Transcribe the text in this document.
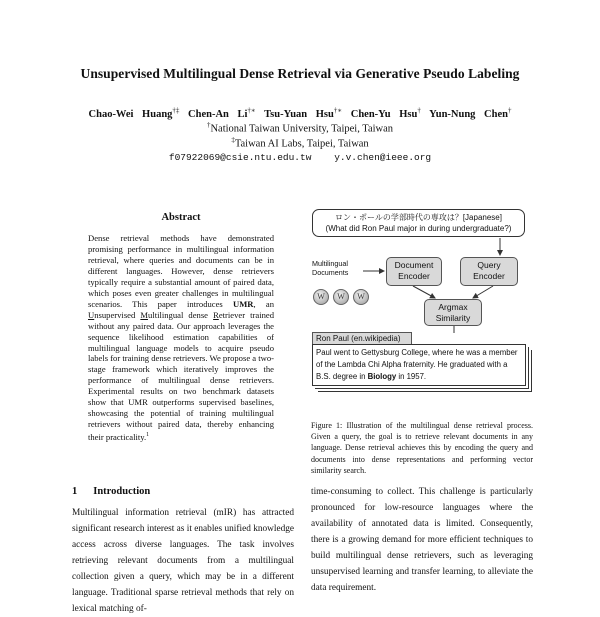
Unsupervised Multilingual Dense Retrieval via Generative Pseudo Labeling
Chao-Wei Huang†‡ Chen-An Li†∗ Tsu-Yuan Hsu†∗ Chen-Yu Hsu† Yun-Nung Chen†
†National Taiwan University, Taipei, Taiwan
‡Taiwan AI Labs, Taipei, Taiwan
f07922069@csie.ntu.edu.tw    y.v.chen@ieee.org
Abstract

Dense retrieval methods have demonstrated promising performance in multilingual information retrieval, where queries and documents can be in different languages. However, dense retrievers typically require a substantial amount of paired data, which poses even greater challenges in multilingual scenarios. This paper introduces UMR, an Unsupervised Multilingual dense Retriever trained without any paired data. Our approach leverages the sequence likelihood estimation capabilities of multilingual language models to acquire pseudo labels for training dense retrievers. We propose a two-stage framework which iteratively improves the performance of multilingual dense retrievers. Experimental results on two benchmark datasets show that UMR outperforms supervised baselines, showcasing the potential of training multilingual retrievers without paired data, thereby enhancing their practicality.$^1$

1 Introduction

Multilingual information retrieval (mIR) has attracted significant research interest as it enables unified knowledge access across diverse languages. The task involves retrieving relevant documents from a multilingual collection given a query, which may be in a different language. Traditional sparse retrieval methods that rely on lexical matching of-

time-consuming to collect. This challenge is particularly pronounced for low-resource languages where the availability of annotated data is limited. Consequently, there is a growing demand for more efficient techniques to build multilingual dense retrievers, such as leveraging unsupervised learning and transfer learning, to alleviate the data requirement.

ロン・ポールの学部時代の専攻は？[Japanese]
(What did Ron Paul major in during undergraduate?)
Multilingual Documents
W	W	W
Document Encoder
Query Encoder
Argmax Similarity
Ron Paul (en.wikipedia)
Paul went to Gettysburg College, where he was a member of the Lambda Chi Alpha fraternity. He graduated with a B.S. degree in Biology in 1957.
Figure 1: Illustration of the multilingual dense retrieval process. Given a query, the goal is to retrieve relevant documents in any language. Dense retrieval achieves this by encoding the query and documents into dense representations and performing vector similarity search.
